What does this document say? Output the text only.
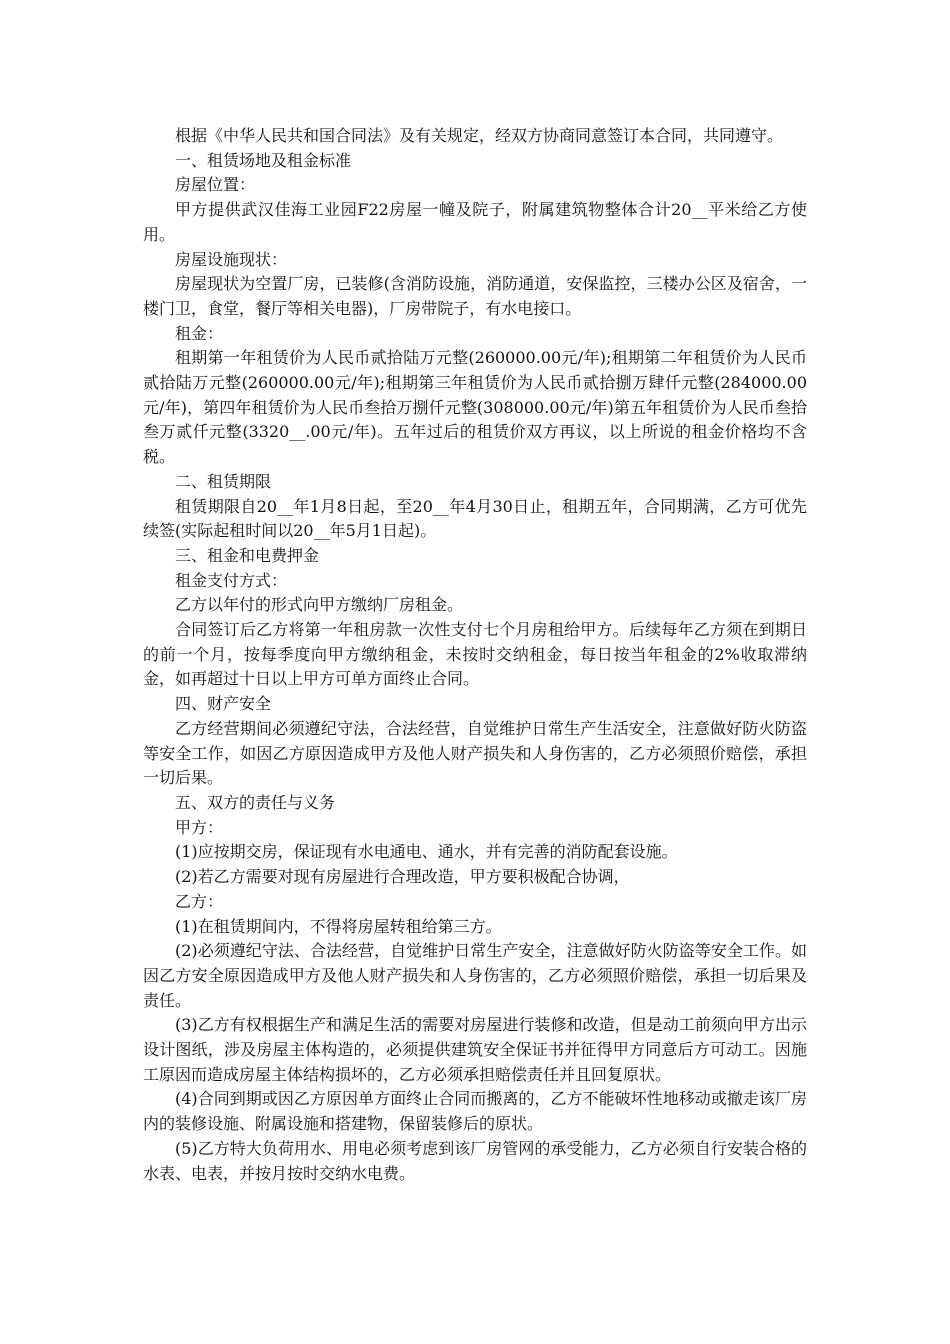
根据《中华人民共和国合同法》及有关规定，经双方协商同意签订本合同，共同遵守。

一、租赁场地及租金标准

房屋位置：

甲方提供武汉佳海工业园F22房屋一幢及院子，附属建筑物整体合计20__平米给乙方使用。

房屋设施现状：

房屋现状为空置厂房，已装修(含消防设施，消防通道，安保监控，三楼办公区及宿舍，一楼门卫，食堂，餐厅等相关电器)，厂房带院子，有水电接口。

租金：

租期第一年租赁价为人民币贰拾陆万元整(260000.00元/年);租期第二年租赁价为人民币贰拾陆万元整(260000.00元/年);租期第三年租赁价为人民币贰拾捌万肆仟元整(284000.00元/年)，第四年租赁价为人民币叁拾万捌仟元整(308000.00元/年)第五年租赁价为人民币叁拾叁万贰仟元整(3320__.00元/年)。五年过后的租赁价双方再议，以上所说的租金价格均不含税。

二、租赁期限

租赁期限自20__年1月8日起，至20__年4月30日止，租期五年，合同期满，乙方可优先续签(实际起租时间以20__年5月1日起)。

三、租金和电费押金

租金支付方式：

乙方以年付的形式向甲方缴纳厂房租金。

合同签订后乙方将第一年租房款一次性支付七个月房租给甲方。后续每年乙方须在到期日的前一个月，按每季度向甲方缴纳租金，未按时交纳租金，每日按当年租金的2%收取滞纳金，如再超过十日以上甲方可单方面终止合同。

四、财产安全

乙方经营期间必须遵纪守法，合法经营，自觉维护日常生产生活安全，注意做好防火防盗等安全工作，如因乙方原因造成甲方及他人财产损失和人身伤害的，乙方必须照价赔偿，承担一切后果。

五、双方的责任与义务

甲方：

(1)应按期交房，保证现有水电通电、通水，并有完善的消防配套设施。

(2)若乙方需要对现有房屋进行合理改造，甲方要积极配合协调，

乙方：

(1)在租赁期间内，不得将房屋转租给第三方。

(2)必须遵纪守法、合法经营，自觉维护日常生产安全，注意做好防火防盗等安全工作。如因乙方安全原因造成甲方及他人财产损失和人身伤害的，乙方必须照价赔偿，承担一切后果及责任。

(3)乙方有权根据生产和满足生活的需要对房屋进行装修和改造，但是动工前须向甲方出示设计图纸，涉及房屋主体构造的，必须提供建筑安全保证书并征得甲方同意后方可动工。因施工原因而造成房屋主体结构损坏的，乙方必须承担赔偿责任并且回复原状。

(4)合同到期或因乙方原因单方面终止合同而搬离的，乙方不能破坏性地移动或撤走该厂房内的装修设施、附属设施和搭建物，保留装修后的原状。

(5)乙方特大负荷用水、用电必须考虑到该厂房管网的承受能力，乙方必须自行安装合格的水表、电表，并按月按时交纳水电费。
